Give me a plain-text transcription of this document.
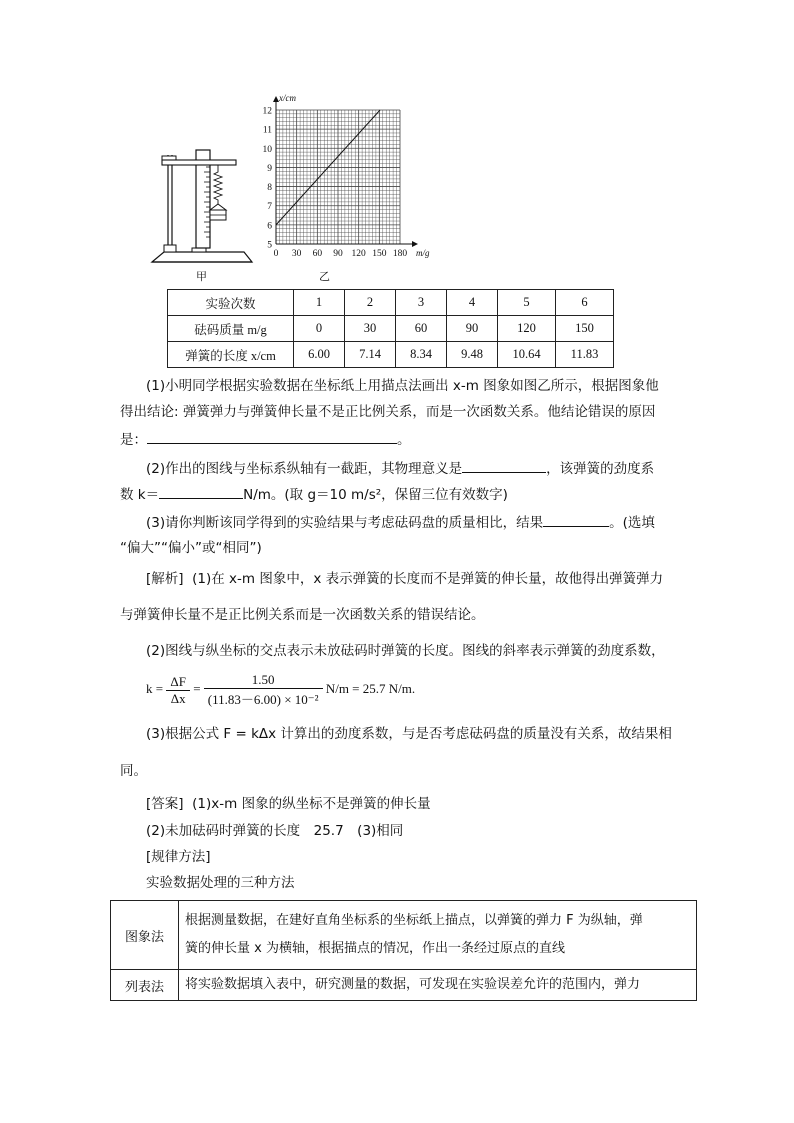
甲
0 30 60 90 120 150 180
5
6
7
8
9
10
11
12
m/g
x/cm
乙
实验次数	1	2	3	4	5	6
砝码质量 m/g	0	30	60	90	120	150
弹簧的长度 x/cm	6.00	7.14	8.34	9.48	10.64	11.83
(1)小明同学根据实验数据在坐标纸上用描点法画出 x-m 图象如图乙所示，根据图象他
得出结论: 弹簧弹力与弹簧伸长量不是正比例关系，而是一次函数关系。他结论错误的原因
是：	。
(2)作出的图线与坐标系纵轴有一截距，其物理意义是	，该弹簧的劲度系
数 k＝	N/m。(取 g＝10 m/s²，保留三位有效数字)
(3)请你判断该同学得到的实验结果与考虑砝码盘的质量相比，结果	。(选填
“偏大”“偏小”或“相同”)
[解析] (1)在 x-m 图象中，x 表示弹簧的长度而不是弹簧的伸长量，故他得出弹簧弹力
与弹簧伸长量不是正比例关系而是一次函数关系的错误结论。
(2)图线与纵坐标的交点表示未放砝码时弹簧的长度。图线的斜率表示弹簧的劲度系数，
$k = \frac{\Delta F}{\Delta x} = \frac{1.50}{\text{(11.83－6.00) × 10⁻²}} N/m = 25.7$ N/m.
(3)根据公式 F = kΔx 计算出的劲度系数，与是否考虑砝码盘的质量没有关系，故结果相
同。
[答案] (1)x-m 图象的纵坐标不是弹簧的伸长量
(2)未加砝码时弹簧的长度　25.7　(3)相同
[规律方法]
实验数据处理的三种方法
图象法	根据测量数据，在建好直角坐标系的坐标纸上描点，以弹簧的弹力 F 为纵轴，弹
簧的伸长量 x 为横轴，根据描点的情况，作出一条经过原点的直线

列表法	将实验数据填入表中，研究测量的数据，可发现在实验误差允许的范围内，弹力
